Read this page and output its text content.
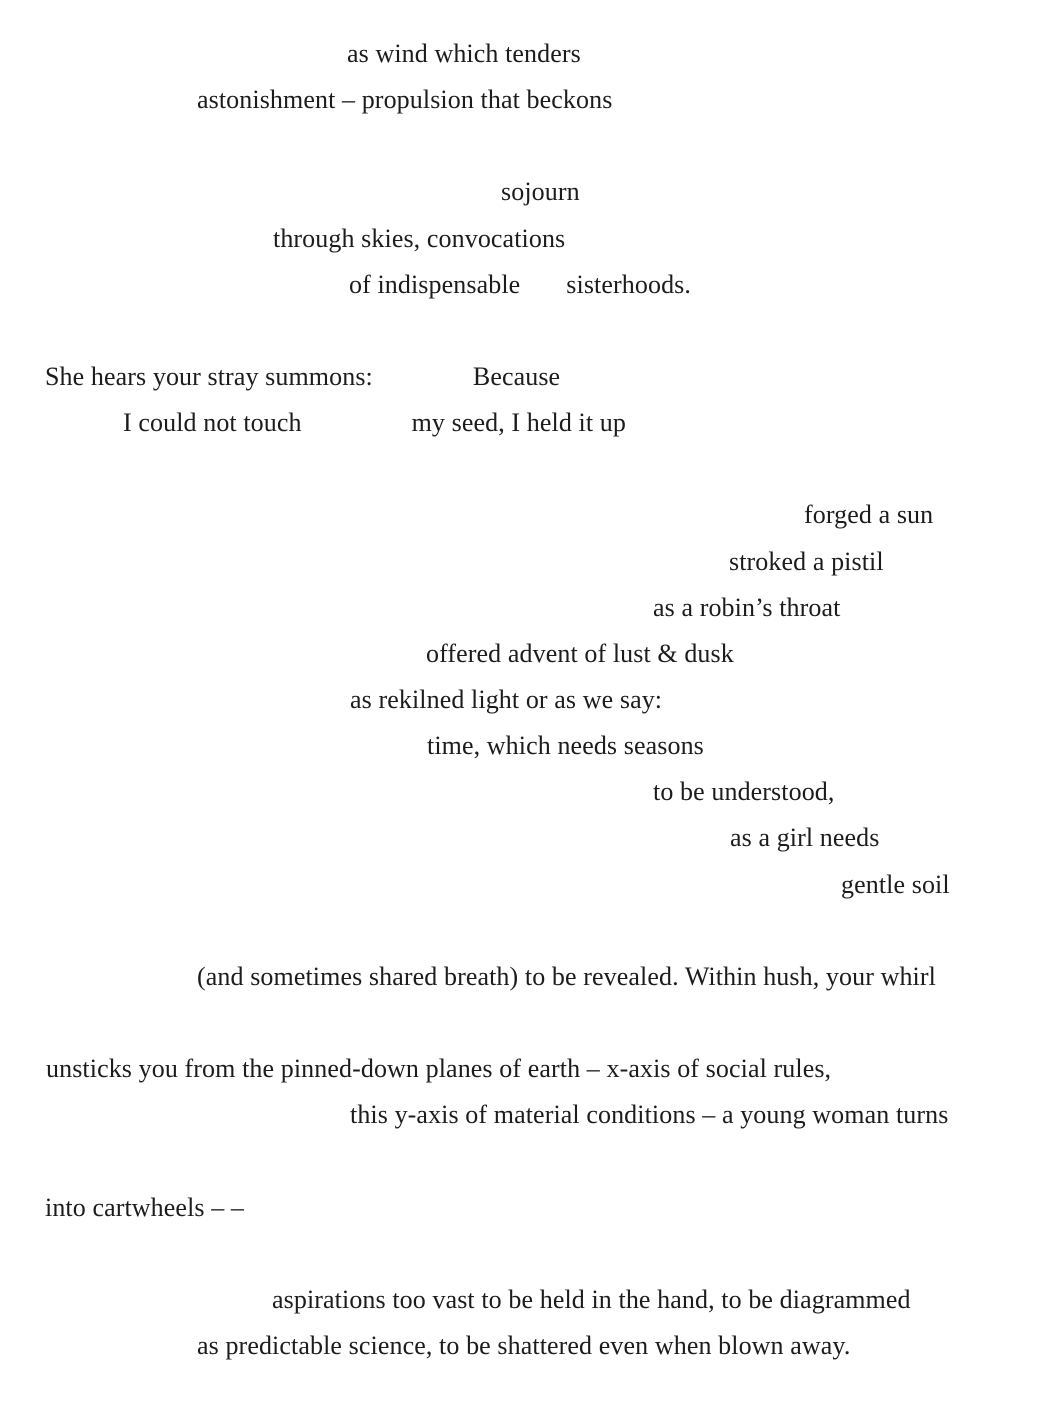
as wind which tenders
astonishment – propulsion that beckons

sojourn
through skies, convocations
of indispensable sisterhoods.

She hears your stray summons:	Because
I could not touch	my seed, I held it up

forged a sun
stroked a pistil
as a robin’s throat
offered advent of lust & dusk
as rekilned light or as we say:
time, which needs seasons
to be understood,
as a girl needs
gentle soil

(and sometimes shared breath) to be revealed. Within hush, your whirl

unsticks you from the pinned-down planes of earth – x-axis of social rules,
this y-axis of material conditions – a young woman turns

into cartwheels – –

aspirations too vast to be held in the hand, to be diagrammed
as predictable science, to be shattered even when blown away.
